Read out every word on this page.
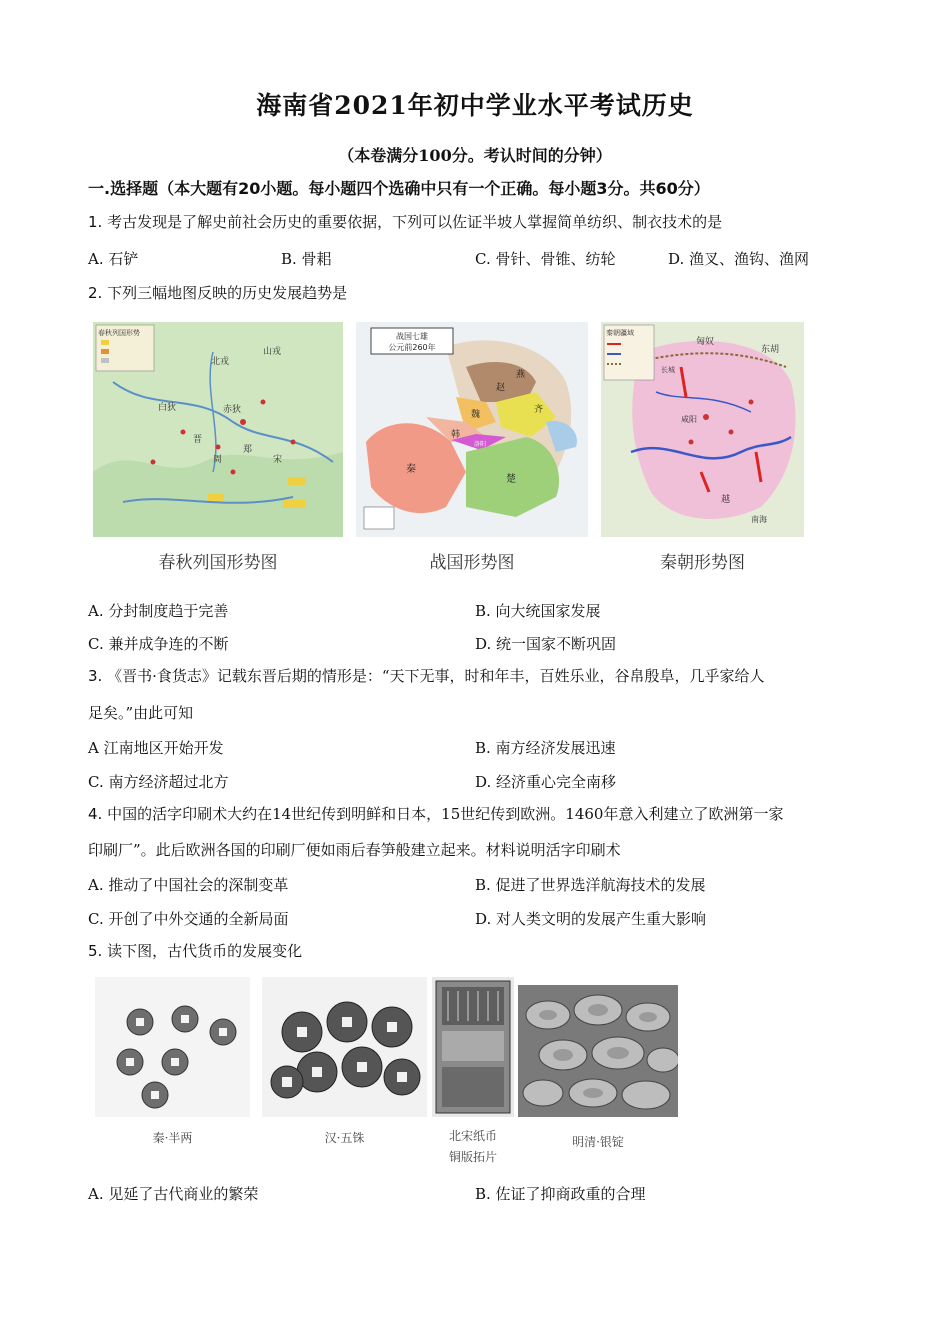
海南省2021年初中学业水平考试历史
（本卷满分100分。考认时间的分钟）
一.选择题（本大题有20小题。每小题四个选确中只有一个正确。每小题3分。共60分）
1. 考古发现是了解史前社会历史的重要依据，下列可以佐证半坡人掌握简单纺织、制衣技术的是
A. 石铲	B. 骨耜	C. 骨针、骨锥、纺轮	D. 渔叉、渔钩、渔网
2. 下列三幅地图反映的历史发展趋势是
春秋列国形势
山戎
北戎
白狄	赤狄
晋
郑
宋
周
战国七雄
公元前260年
燕
赵
齐
魏
韩
秦
楚
洛阳
秦朝疆域
匈奴
东胡
咸阳
长城
越
南海
春秋列国形势图	战国形势图	秦朝形势图
A. 分封制度趋于完善	B. 向大统国家发展
C. 兼并成争连的不断	D. 统一国家不断巩固
3. 《晋书·食货志》记载东晋后期的情形是：“天下无事，时和年丰，百姓乐业，谷帛殷阜，几乎家给人
足矣。”由此可知
A 江南地区开始开发	B. 南方经济发展迅速
C. 南方经济超过北方	D. 经济重心完全南移
4. 中国的活字印刷术大约在14世纪传到明鲜和日本，15世纪传到欧洲。1460年意入利建立了欧洲第一家
印刷厂”。此后欧洲各国的印刷厂便如雨后春笋般建立起来。材料说明活字印刷术
A. 推动了中国社会的深制变革	B. 促进了世界选洋航海技术的发展
C. 开创了中外交通的全新局面	D. 对人类文明的发展产生重大影响
5. 读下图，古代货币的发展变化
秦·半两	汉·五铢	北宋纸币
铜版拓片
明清·银锭
A. 见延了古代商业的繁荣	B. 佐证了抑商政重的合理
